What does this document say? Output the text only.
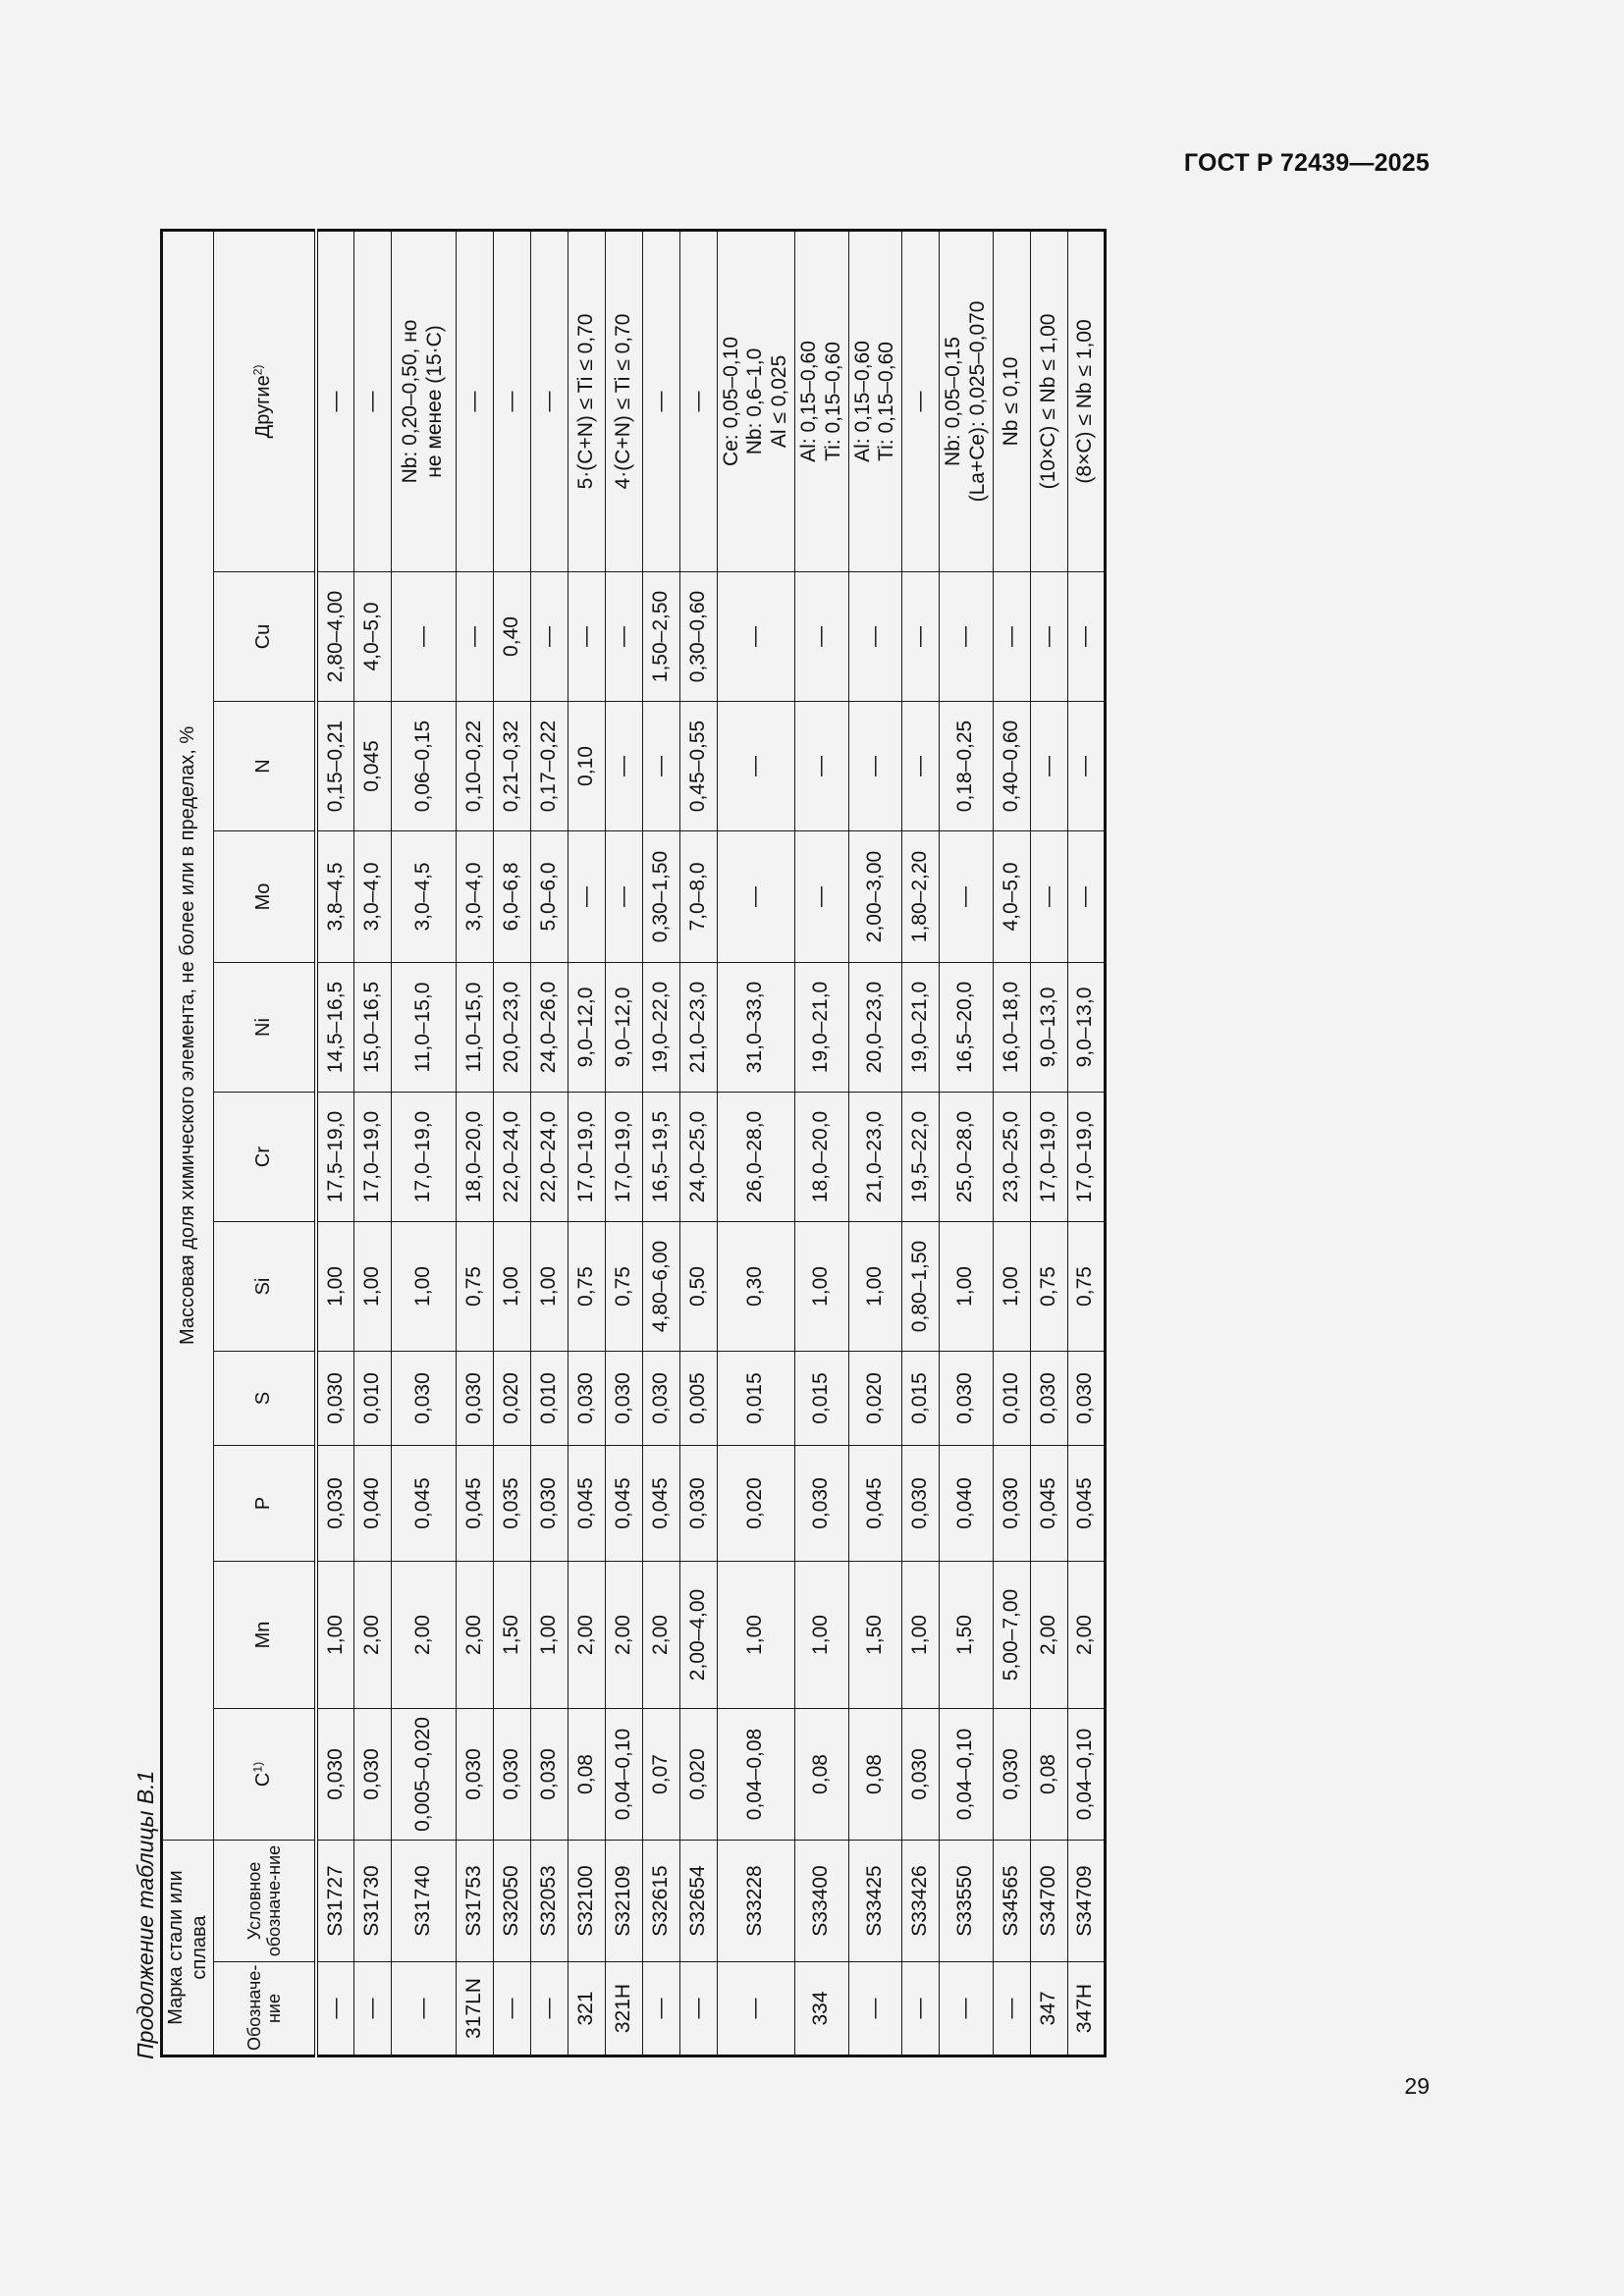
ГОСТ Р 72439—2025
Продолжение таблицы В.1 Марка стали или сплава		Массовая доля химического элемента, не более или в пределах, %										
Обозначе-ние	Условное обозначе-ние	$C^{1)}$	Mn	P	S	Si	Cr	Ni	Mo	N	Cu	Другие$^{2)}$
—	S31727	0,030	1,00	0,030	0,030	1,00	17,5–19,0	14,5–16,5	3,8–4,5	0,15–0,21	2,80–4,00	—

—	S31730	0,030	2,00	0,040	0,010	1,00	17,0–19,0	15,0–16,5	3,0–4,0	0,045	4,0–5,0	—

—	S31740	0,005–0,020	2,00	0,045	0,030	1,00	17,0–19,0	11,0–15,0	3,0–4,5	0,06–0,15	—	Nb: 0,20–0,50, но не менее (15·С)

317LN	S31753	0,030	2,00	0,045	0,030	0,75	18,0–20,0	11,0–15,0	3,0–4,0	0,10–0,22	—	—

—	S32050	0,030	1,50	0,035	0,020	1,00	22,0–24,0	20,0–23,0	6,0–6,8	0,21–0,32	0,40	—

—	S32053	0,030	1,00	0,030	0,010	1,00	22,0–24,0	24,0–26,0	5,0–6,0	0,17–0,22	—	—

321	S32100	0,08	2,00	0,045	0,030	0,75	17,0–19,0	9,0–12,0	—	0,10	—	5·(C+N) ≤ Ti ≤ 0,70

321H	S32109	0,04–0,10	2,00	0,045	0,030	0,75	17,0–19,0	9,0–12,0	—	—	—	4·(C+N) ≤ Ti ≤ 0,70

—	S32615	0,07	2,00	0,045	0,030	4,80–6,00	16,5–19,5	19,0–22,0	0,30–1,50	—	1,50–2,50	—

—	S32654	0,020	2,00–4,00	0,030	0,005	0,50	24,0–25,0	21,0–23,0	7,0–8,0	0,45–0,55	0,30–0,60	—

—	S33228	0,04–0,08	1,00	0,020	0,015	0,30	26,0–28,0	31,0–33,0	—	—	—	Ce: 0,05–0,10 Nb: 0,6–1,0 Al ≤ 0,025

334	S33400	0,08	1,00	0,030	0,015	1,00	18,0–20,0	19,0–21,0	—	—	—	Al: 0,15–0,60 Ti: 0,15–0,60

—	S33425	0,08	1,50	0,045	0,020	1,00	21,0–23,0	20,0–23,0	2,00–3,00	—	—	Al: 0,15–0,60 Ti: 0,15–0,60

—	S33426	0,030	1,00	0,030	0,015	0,80–1,50	19,5–22,0	19,0–21,0	1,80–2,20	—	—	—

—	S33550	0,04–0,10	1,50	0,040	0,030	1,00	25,0–28,0	16,5–20,0	—	0,18–0,25	—	Nb: 0,05–0,15 (La+Ce): 0,025–0,070

—	S34565	0,030	5,00–7,00	0,030	0,010	1,00	23,0–25,0	16,0–18,0	4,0–5,0	0,40–0,60	—	Nb ≤ 0,10

347	S34700	0,08	2,00	0,045	0,030	0,75	17,0–19,0	9,0–13,0	—	—	—	(10×C) ≤ Nb ≤ 1,00

347H	S34709	0,04–0,10	2,00	0,045	0,030	0,75	17,0–19,0	9,0–13,0	—	—	—	(8×C) ≤ Nb ≤ 1,00
29
